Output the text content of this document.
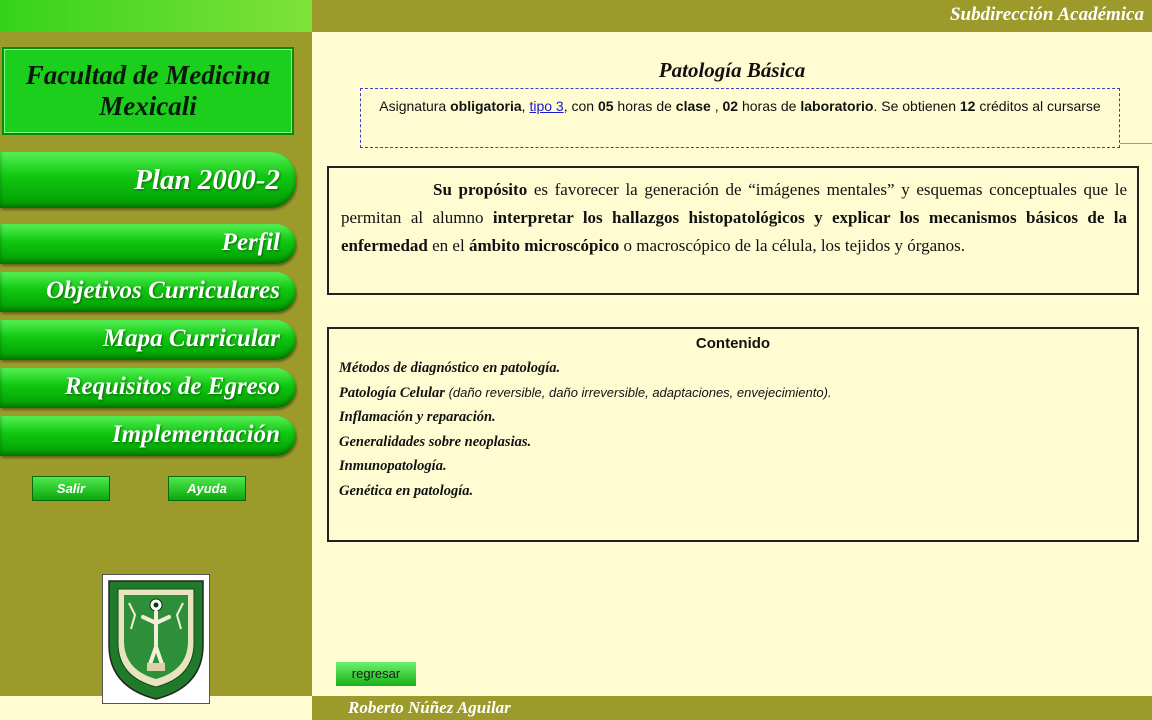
Subdirección Académica
Facultad de Medicina
Mexicali
Plan 2000-2
Perfil
Objetivos Curriculares
Mapa Curricular
Requisitos de Egreso
Implementación
Salir	Ayuda
Patología Básica
Asignatura obligatoria, tipo 3, con 05 horas de clase , 02 horas de laboratorio. Se obtienen 12 créditos al cursarse
Su propósito es favorecer la generación de “imágenes mentales” y esquemas conceptuales que le permitan al alumno interpretar los hallazgos histopatológicos y explicar los mecanismos básicos de la enfermedad en el ámbito microscópico o macroscópico de la célula, los tejidos y órganos.
Contenido
Métodos de diagnóstico en patología.
Patología Celular (daño reversible, daño irreversible, adaptaciones, envejecimiento).
Inflamación y reparación.
Generalidades sobre neoplasias.
Inmunopatología.
Genética en patología.
regresar
Roberto Núñez Aguilar
